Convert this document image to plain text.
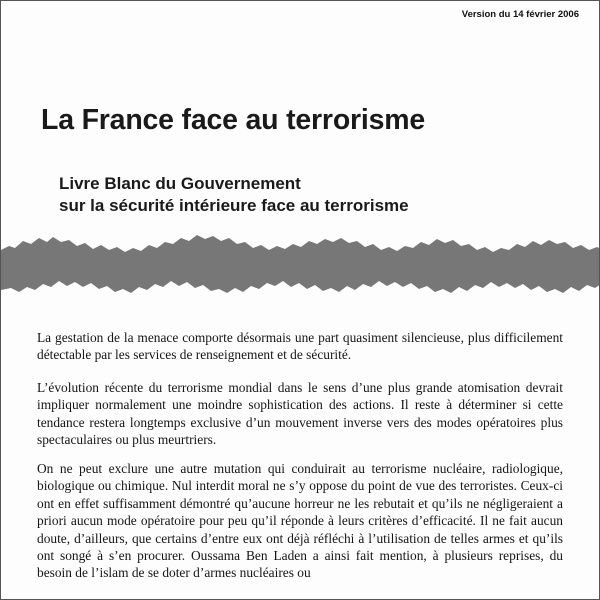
Version du 14 février 2006
La France face au terrorisme
Livre Blanc du Gouvernement
sur la sécurité intérieure face au terrorisme

La gestation de la menace comporte désormais une part quasiment silencieuse, plus difficilement détectable par les services de renseignement et de sécurité.

L’évolution récente du terrorisme mondial dans le sens d’une plus grande atomisation devrait impliquer normalement une moindre sophistication des actions. Il reste à déterminer si cette tendance restera longtemps exclusive d’un mouvement inverse vers des modes opératoires plus spectaculaires ou plus meurtriers.

On ne peut exclure une autre mutation qui conduirait au terrorisme nucléaire, radiologique, biologique ou chimique. Nul interdit moral ne s’y oppose du point de vue des terroristes. Ceux-ci ont en effet suffisamment démontré qu’aucune horreur ne les rebutait et qu’ils ne négligeraient a priori aucun mode opératoire pour peu qu’il réponde à leurs critères d’efficacité. Il ne fait aucun doute, d’ailleurs, que certains d’entre eux ont déjà réfléchi à l’utilisation de telles armes et qu’ils ont songé à s’en procurer. Oussama Ben Laden a ainsi fait mention, à plusieurs reprises, du besoin de l’islam de se doter d’armes nucléaires ou
